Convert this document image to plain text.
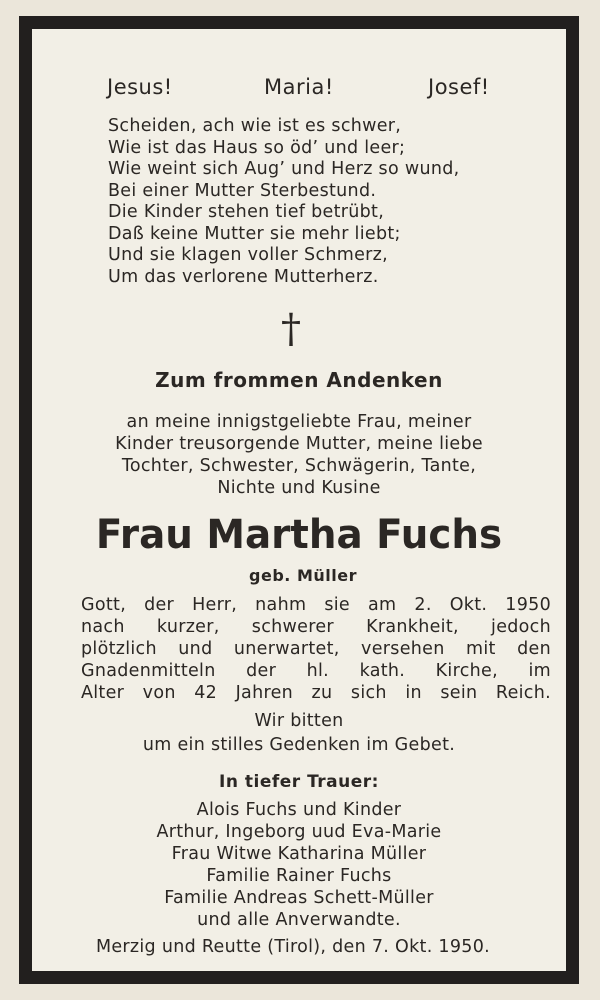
Jesus!	Maria!	Josef!
Scheiden, ach wie ist es schwer,
Wie ist das Haus so öd’ und leer;
Wie weint sich Aug’ und Herz so wund,
Bei einer Mutter Sterbestund.
Die Kinder stehen tief betrübt,
Daß keine Mutter sie mehr liebt;
Und sie klagen voller Schmerz,
Um das verlorene Mutterherz.
†
Zum frommen Andenken
an meine innigstgeliebte Frau, meiner
Kinder treusorgende Mutter, meine liebe
Tochter, Schwester, Schwägerin, Tante,
Nichte und Kusine
Frau Martha Fuchs
geb. Müller
Gott, der Herr, nahm sie am 2. Okt. 1950
nach kurzer, schwerer Krankheit, jedoch
plötzlich und unerwartet, versehen mit den
Gnadenmitteln der hl. kath. Kirche, im
Alter von 42 Jahren zu sich in sein Reich.
Wir bitten
um ein stilles Gedenken im Gebet.
In tiefer Trauer:
Alois Fuchs und Kinder
Arthur, Ingeborg uud Eva-Marie
Frau Witwe Katharina Müller
Familie Rainer Fuchs
Familie Andreas Schett-Müller
und alle Anverwandte.
Merzig und Reutte (Tirol), den 7. Okt. 1950.
